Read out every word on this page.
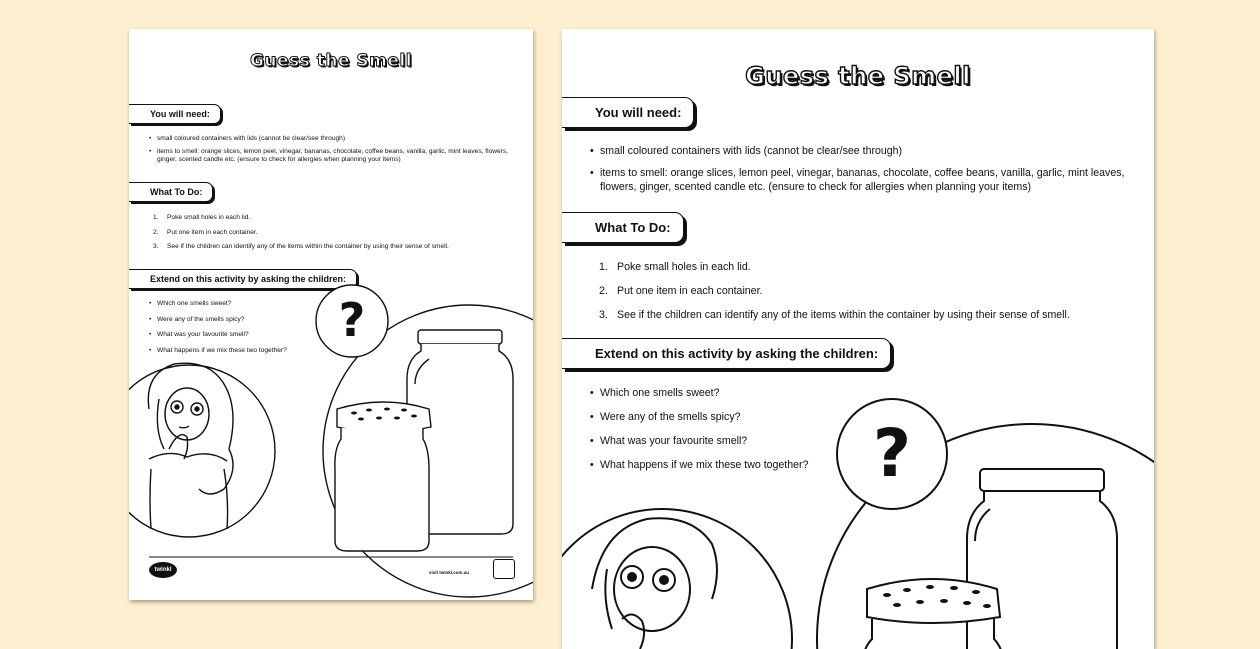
Guess the Smell
You will need:
• small coloured containers with lids (cannot be clear/see through)
• items to smell: orange slices, lemon peel, vinegar, bananas, chocolate, coffee beans, vanilla, garlic, mint leaves, flowers, ginger, scented candle etc. (ensure to check for allergies when planning your items)
What To Do:
1. Poke small holes in each lid.
2. Put one item in each container.
3. See if the children can identify any of the items within the container by using their sense of smell.
Extend on this activity by asking the children:
• Which one smells sweet?
• Were any of the smells spicy?
• What was your favourite smell?
• What happens if we mix these two together?
?
twinkl	visit twinkl.com.au
Guess the Smell
You will need:
• small coloured containers with lids (cannot be clear/see through)
• items to smell: orange slices, lemon peel, vinegar, bananas, chocolate, coffee beans, vanilla, garlic, mint leaves, flowers, ginger, scented candle etc. (ensure to check for allergies when planning your items)
What To Do:
1. Poke small holes in each lid.
2. Put one item in each container.
3. See if the children can identify any of the items within the container by using their sense of smell.
Extend on this activity by asking the children:
• Which one smells sweet?
• Were any of the smells spicy?
• What was your favourite smell?
• What happens if we mix these two together? ?
